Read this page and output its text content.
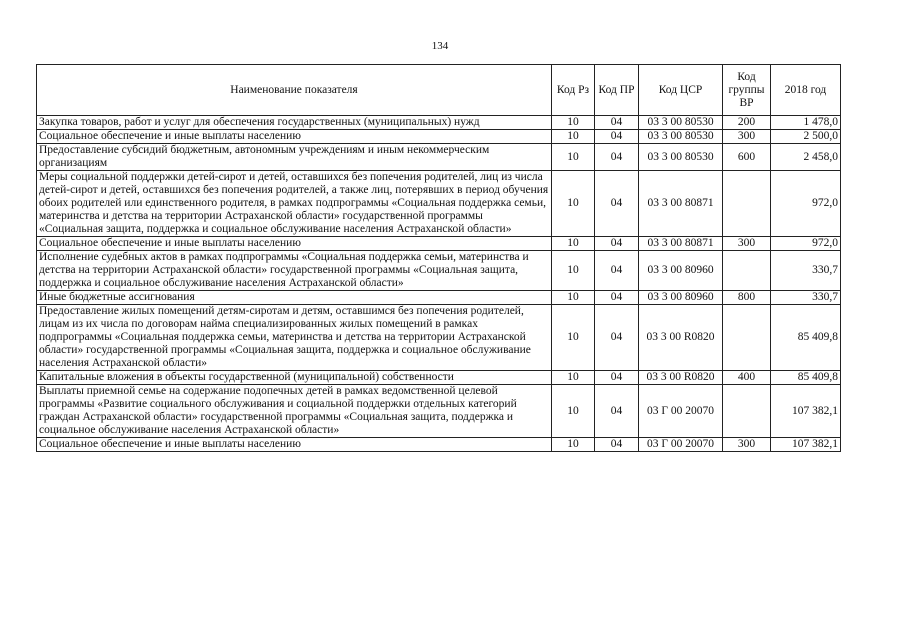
134
Наименование показателя	Код Рз	Код ПР	Код ЦСР	Код группы ВР	2018 год
Закупка товаров, работ и услуг для обеспечения государственных (муниципальных) нужд	10	04	03 3 00 80530	200	1 478,0
Социальное обеспечение и иные выплаты населению	10	04	03 3 00 80530	300	2 500,0
Предоставление субсидий бюджетным, автономным учреждениям и иным некоммерческим организациям	10	04	03 3 00 80530	600	2 458,0
Меры социальной поддержки детей-сирот и детей, оставшихся без попечения родителей, лиц из числа детей-сирот и детей, оставшихся без попечения родителей, а также лиц, потерявших в период обучения обоих родителей или единственного родителя, в рамках подпрограммы «Социальная поддержка семьи, материнства и детства на территории Астраханской области» государственной программы «Социальная защита, поддержка и социальное обслуживание населения Астраханской области»	10	04	03 3 00 80871		972,0
Социальное обеспечение и иные выплаты населению	10	04	03 3 00 80871	300	972,0
Исполнение судебных актов в рамках подпрограммы «Социальная поддержка семьи, материнства и детства на территории Астраханской области» государственной программы «Социальная защита, поддержка и социальное обслуживание населения Астраханской области»	10	04	03 3 00 80960		330,7
Иные бюджетные ассигнования	10	04	03 3 00 80960	800	330,7
Предоставление жилых помещений детям-сиротам и детям, оставшимся без попечения родителей, лицам из их числа по договорам найма специализированных жилых помещений в рамках подпрограммы «Социальная поддержка семьи, материнства и детства на территории Астраханской области» государственной программы «Социальная защита, поддержка и социальное обслуживание населения Астраханской области»	10	04	03 3 00 R0820		85 409,8
Капитальные вложения в объекты государственной (муниципальной) собственности	10	04	03 3 00 R0820	400	85 409,8
Выплаты приемной семье на содержание подопечных детей в рамках ведомственной целевой программы «Развитие социального обслуживания и социальной поддержки отдельных категорий граждан Астраханской области» государственной программы «Социальная защита, поддержка и социальное обслуживание населения Астраханской области»	10	04	03 Г 00 20070		107 382,1
Социальное обеспечение и иные выплаты населению	10	04	03 Г 00 20070	300	107 382,1
